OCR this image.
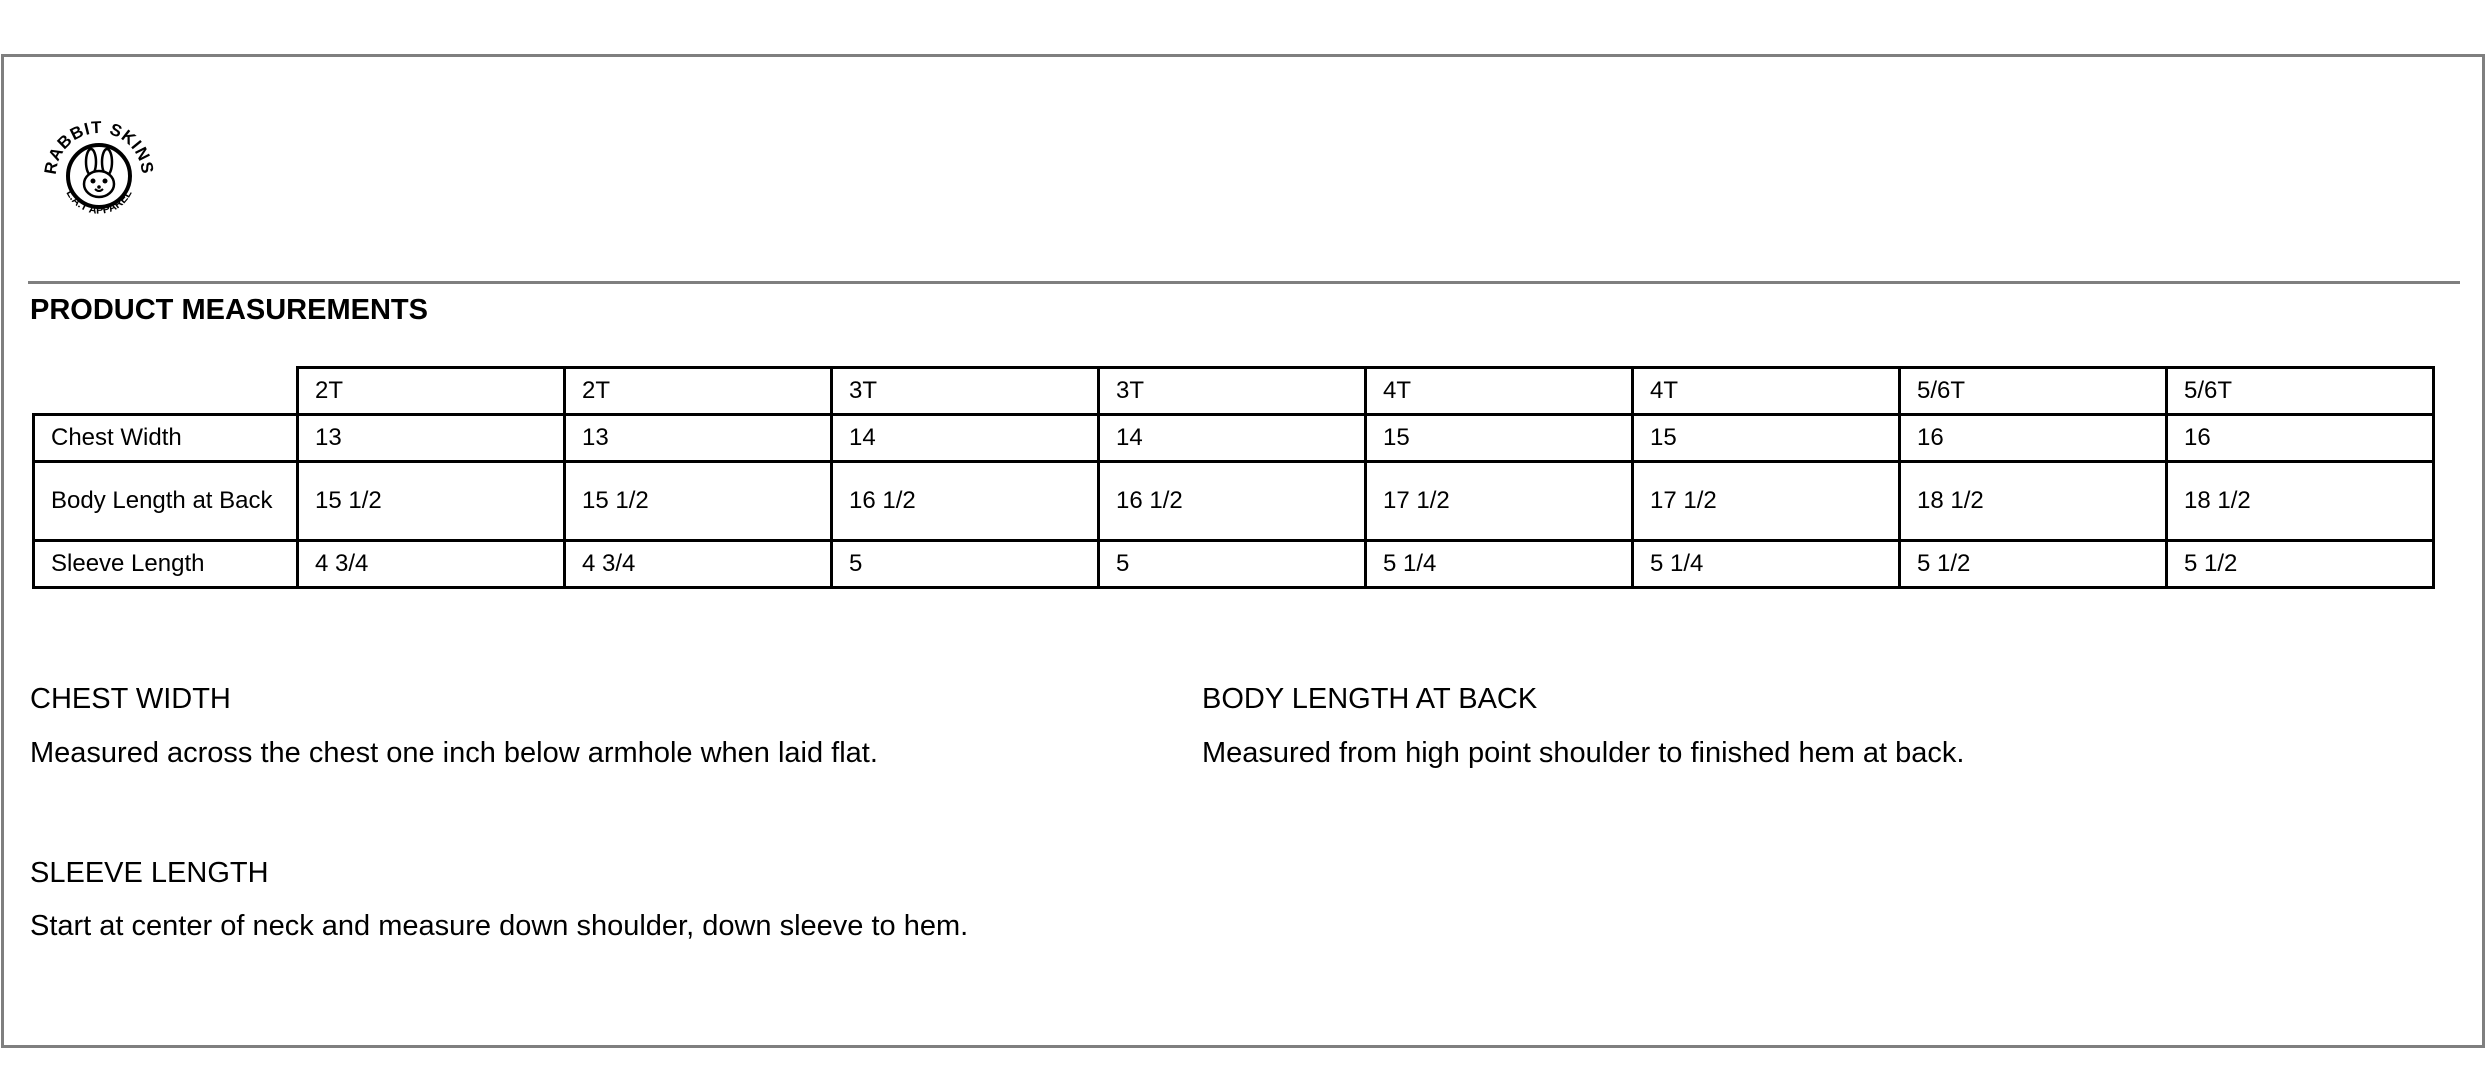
RABBIT SKINS
L.A.T APPAREL
PRODUCT MEASUREMENTS
	2T	2T	3T	3T	4T	4T	5/6T	5/6T
Chest Width	13	13	14	14	15	15	16	16
Body Length at Back	15 1/2	15 1/2	16 1/2	16 1/2	17 1/2	17 1/2	18 1/2	18 1/2
Sleeve Length	4 3/4	4 3/4	5	5	5 1/4	5 1/4	5 1/2	5 1/2
CHEST WIDTH
Measured across the chest one inch below armhole when laid flat.
BODY LENGTH AT BACK
Measured from high point shoulder to finished hem at back.
SLEEVE LENGTH
Start at center of neck and measure down shoulder, down sleeve to hem.
